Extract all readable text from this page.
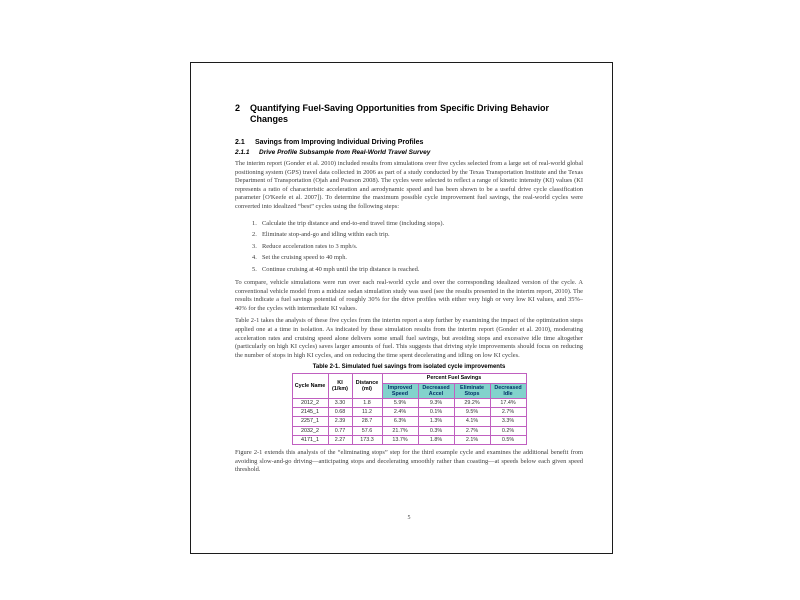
2	Quantifying Fuel-Saving Opportunities from Specific Driving Behavior Changes
2.1	Savings from Improving Individual Driving Profiles
2.1.1	Drive Profile Subsample from Real-World Travel Survey

The interim report (Gonder et al. 2010) included results from simulations over five cycles selected from a large set of real-world global positioning system (GPS) travel data collected in 2006 as part of a study conducted by the Texas Transportation Institute and the Texas Department of Transportation (Ojah and Pearson 2008). The cycles were selected to reflect a range of kinetic intensity (KI) values (KI represents a ratio of characteristic acceleration and aerodynamic speed and has been shown to be a useful drive cycle classification parameter [O'Keefe et al. 2007]). To determine the maximum possible cycle improvement fuel savings, the real-world cycles were converted into idealized “best” cycles using the following steps:

1. Calculate the trip distance and end-to-end travel time (including stops).
2. Eliminate stop-and-go and idling within each trip.
3. Reduce acceleration rates to 3 mph/s.
4. Set the cruising speed to 40 mph.
5. Continue cruising at 40 mph until the trip distance is reached.

To compare, vehicle simulations were run over each real-world cycle and over the corresponding idealized version of the cycle. A conventional vehicle model from a midsize sedan simulation study was used (see the results presented in the interim report, 2010). The results indicate a fuel savings potential of roughly 30% for the drive profiles with either very high or very low KI values, and 35%–40% for the cycles with intermediate KI values.

Table 2-1 takes the analysis of these five cycles from the interim report a step further by examining the impact of the optimization steps applied one at a time in isolation. As indicated by these simulation results from the interim report (Gonder et al. 2010), moderating acceleration rates and cruising speed alone delivers some small fuel savings, but avoiding stops and excessive idle time altogether (particularly on high KI cycles) saves larger amounts of fuel. This suggests that driving style improvements should focus on reducing the number of stops in high KI cycles, and on reducing the time spent decelerating and idling on low KI cycles.

Table 2-1. Simulated fuel savings from isolated cycle improvements
Cycle Name	KI (1/km)	Distance (mi)	Percent Fuel Savings			
			Improved Speed	Decreased Accel	Eliminate Stops	Decreased Idle
2012_2	3.30	1.8	5.9%	9.3%	29.2%	17.4%
2145_1	0.68	11.2	2.4%	0.1%	9.5%	2.7%
2257_1	2.39	28.7	6.3%	1.3%	4.1%	3.3%
2032_2	0.77	57.6	21.7%	0.3%	2.7%	0.2%
4171_1	2.27	173.3	13.7%	1.8%	2.1%	0.5%

Figure 2-1 extends this analysis of the “eliminating stops” step for the third example cycle and examines the additional benefit from avoiding slow-and-go driving—anticipating stops and decelerating smoothly rather than coasting—at speeds below each given speed threshold.

5
